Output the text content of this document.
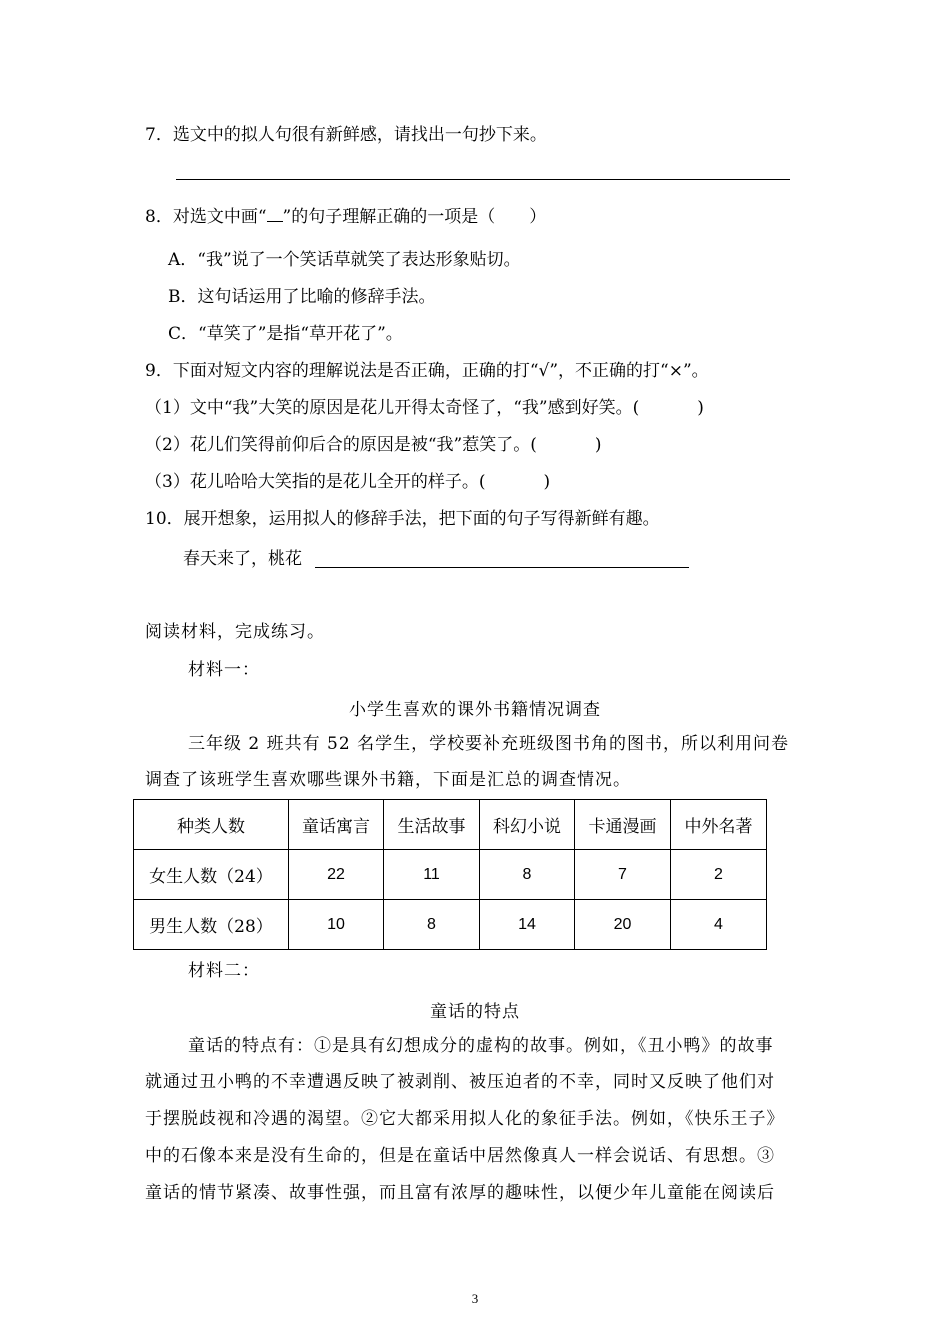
7．选文中的拟人句很有新鲜感，请找出一句抄下来。
8．对选文中画“ ”的句子理解正确的一项是（　　）
A．“我”说了一个笑话草就笑了表达形象贴切。
B．这句话运用了比喻的修辞手法。
C．“草笑了”是指“草开花了”。
9．下面对短文内容的理解说法是否正确，正确的打“√”，不正确的打“×”。
（1）文中“我”大笑的原因是花儿开得太奇怪了，“我”感到好笑。(	)
（2）花儿们笑得前仰后合的原因是被“我”惹笑了。(	)
（3）花儿哈哈大笑指的是花儿全开的样子。(	)
10．展开想象，运用拟人的修辞手法，把下面的句子写得新鲜有趣。
春天来了，桃花
阅读材料，完成练习。
材料一：
小学生喜欢的课外书籍情况调查
三年级 2 班共有 52 名学生，学校要补充班级图书角的图书，所以利用问卷
调查了该班学生喜欢哪些课外书籍，下面是汇总的调查情况。
种类人数	童话寓言	生活故事	科幻小说	卡通漫画	中外名著
女生人数（24）	22	11	8	7	2
男生人数（28）	10	8	14	20	4
材料二：
童话的特点
童话的特点有：①是具有幻想成分的虚构的故事。例如，《丑小鸭》的故事
就通过丑小鸭的不幸遭遇反映了被剥削、被压迫者的不幸，同时又反映了他们对
于摆脱歧视和冷遇的渴望。②它大都采用拟人化的象征手法。例如，《快乐王子》
中的石像本来是没有生命的，但是在童话中居然像真人一样会说话、有思想。③
童话的情节紧凑、故事性强，而且富有浓厚的趣味性，以便少年儿童能在阅读后
3
